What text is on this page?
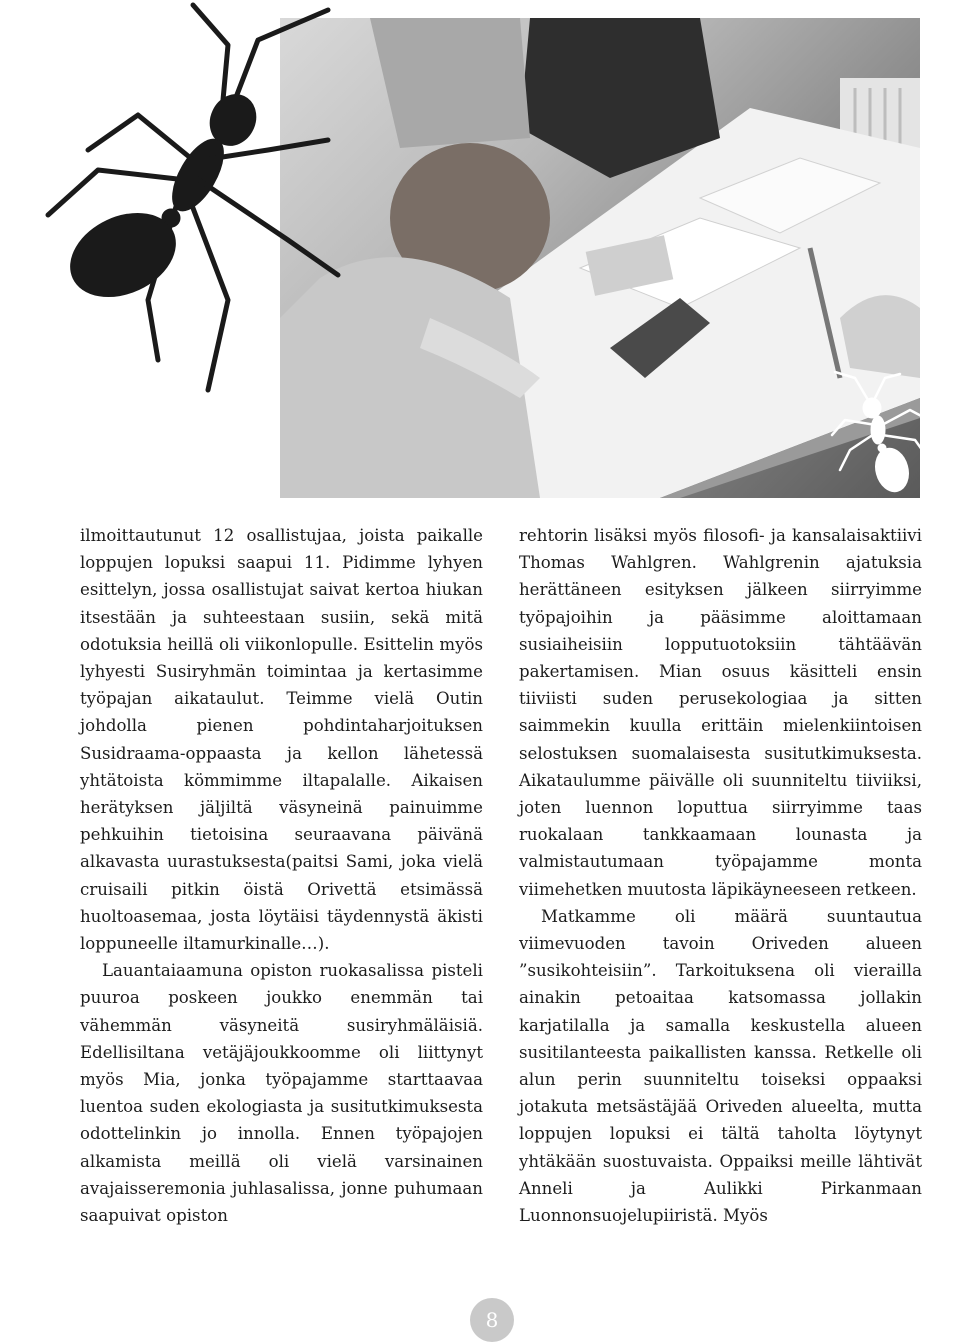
ilmoittautunut 12 osallistujaa, joista paikalle loppujen lopuksi saapui 11. Pidimme lyhyen esittelyn, jossa osallistujat saivat kertoa hiukan itsestään ja suhteestaan susiin, sekä mitä odotuksia heillä oli viikonlopulle. Esittelin myös lyhyesti Susiryhmän toimintaa ja kertasimme työpajan aikataulut. Teimme vielä Outin johdolla pienen pohdintaharjoituksen Susidraama-oppaasta ja kellon lähetessä yhtätoista kömmimme iltapalalle. Aikaisen herätyksen jäljiltä väsyneinä painuimme pehkuihin tietoisina seuraavana päivänä alkavasta uurastuksesta(paitsi Sami, joka vielä cruisaili pitkin öistä Orivettä etsimässä huoltoasemaa, josta löytäisi täydennystä äkisti loppuneelle iltamurkinalle…).

Lauantaiaamuna opiston ruokasalissa pisteli puuroa poskeen joukko enemmän tai vähemmän väsyneitä susiryhmäläisiä. Edellisiltana vetäjäjoukkoomme oli liittynyt myös Mia, jonka työpajamme starttaavaa luentoa suden ekologiasta ja susitutkimuksesta odottelinkin jo innolla. Ennen työpajojen alkamista meillä oli vielä varsinainen avajaisseremonia juhlasalissa, jonne puhumaan saapuivat opiston

rehtorin lisäksi myös filosofi- ja kansalaisaktiivi Thomas Wahlgren. Wahlgrenin ajatuksia herättäneen esityksen jälkeen siirryimme työpajoihin ja pääsimme aloittamaan susiaiheisiin lopputuotoksiin tähtäävän pakertamisen. Mian osuus käsitteli ensin tiiviisti suden perusekologiaa ja sitten saimmekin kuulla erittäin mielenkiintoisen selostuksen suomalaisesta susitutkimuksesta. Aikataulumme päivälle oli suunniteltu tiiviiksi, joten luennon loputtua siirryimme taas ruokalaan tankkaamaan lounasta ja valmistautumaan työpajamme monta viimehetken muutosta läpikäyneeseen retkeen.

Matkamme oli määrä suuntautua viimevuoden tavoin Oriveden alueen ”susikohteisiin”. Tarkoituksena oli vierailla ainakin petoaitaa katsomassa jollakin karjatilalla ja samalla keskustella alueen susitilanteesta paikallisten kanssa. Retkelle oli alun perin suunniteltu toiseksi oppaaksi jotakuta metsästäjää Oriveden alueelta, mutta loppujen lopuksi ei tältä taholta löytynyt yhtäkään suostuvaista. Oppaiksi meille lähtivät Anneli ja Aulikki Pirkanmaan Luonnonsuojelupiiristä. Myös

8
